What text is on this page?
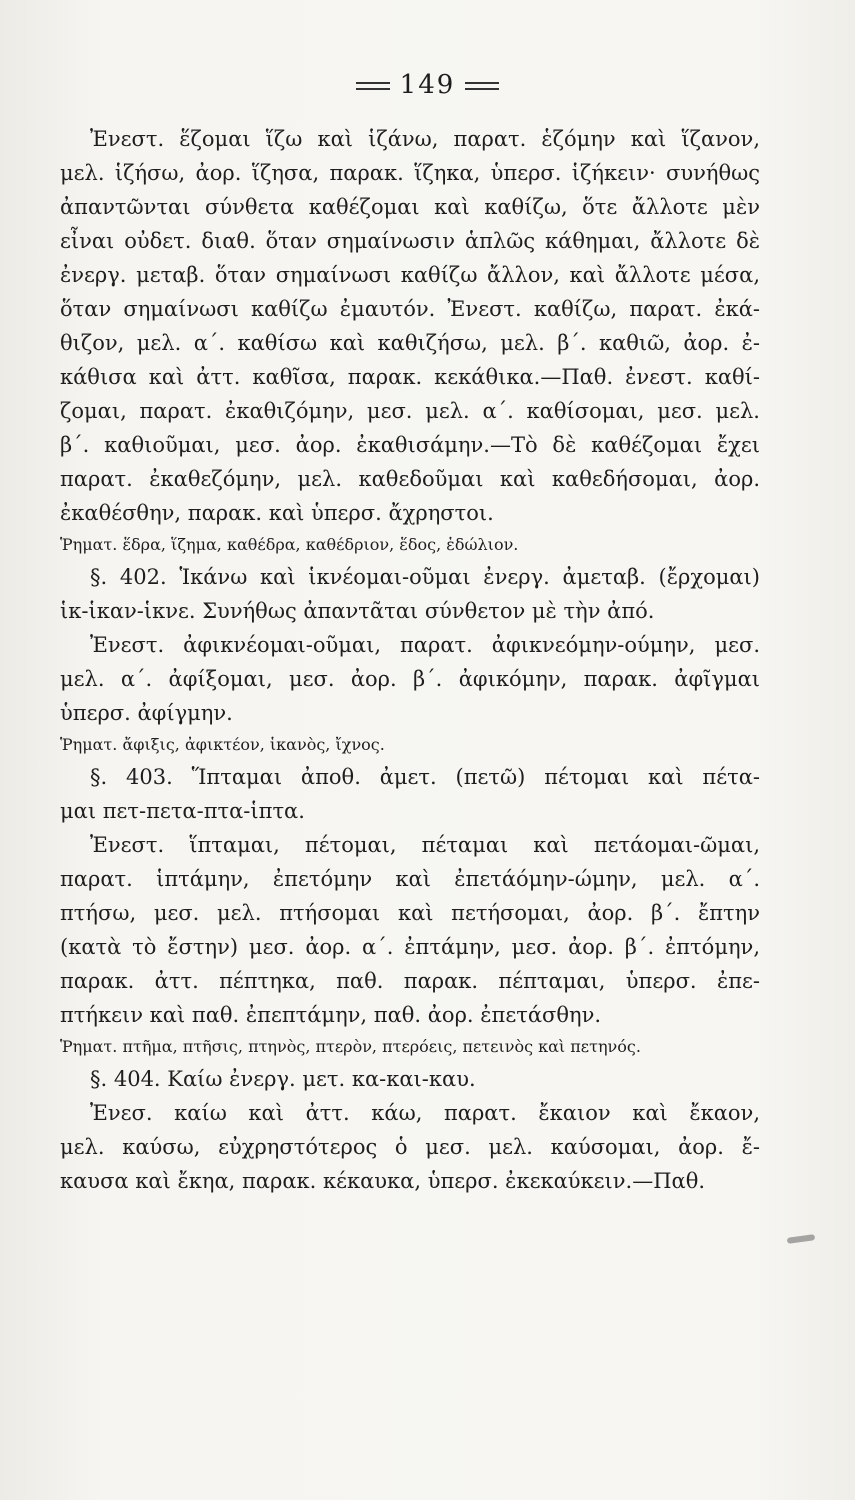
149
Ἐνεστ. ἕζομαι ἵζω καὶ ἱζάνω, παρατ. ἑζόμην καὶ ἵζανον,
μελ. ἱζήσω, ἀορ. ἵζησα, παρακ. ἵζηκα, ὑπερσ. ἱζήκειν· συνήθως
ἀπαντῶνται σύνθετα καθέζομαι καὶ καθίζω, ὅτε ἄλλοτε μὲν
εἶναι οὐδετ. διαθ. ὅταν σημαίνωσιν ἁπλῶς κάθημαι, ἄλλοτε δὲ
ἐνεργ. μεταβ. ὅταν σημαίνωσι καθίζω ἄλλον, καὶ ἄλλοτε μέσα,
ὅταν σημαίνωσι καθίζω ἐμαυτόν. Ἐνεστ. καθίζω, παρατ. ἐκά-
θιζον, μελ. α΄. καθίσω καὶ καθιζήσω, μελ. β΄. καθιῶ, ἀορ. ἐ-
κάθισα καὶ ἀττ. καθῖσα, παρακ. κεκάθικα.—Παθ. ἐνεστ. καθί-
ζομαι, παρατ. ἐκαθιζόμην, μεσ. μελ. α΄. καθίσομαι, μεσ. μελ.
β΄. καθιοῦμαι, μεσ. ἀορ. ἐκαθισάμην.—Τὸ δὲ καθέζομαι ἔχει
παρατ. ἐκαθεζόμην, μελ. καθεδοῦμαι καὶ καθεδήσομαι, ἀορ.
ἐκαθέσθην, παρακ. καὶ ὑπερσ. ἄχρηστοι.
Ῥηματ. ἕδρα, ἵζημα, καθέδρα, καθέδριον, ἕδος, ἑδώλιον.
§. 402. Ἱκάνω καὶ ἱκνέομαι-οῦμαι ἐνεργ. ἀμεταβ. (ἔρχομαι)
ἱκ-ἱκαν-ἱκνε. Συνήθως ἀπαντᾶται σύνθετον μὲ τὴν ἀπό.
Ἐνεστ. ἀφικνέομαι-οῦμαι, παρατ. ἀφικνεόμην-ούμην, μεσ.
μελ. α΄. ἀφίξομαι, μεσ. ἀορ. β΄. ἀφικόμην, παρακ. ἀφῖγμαι
ὑπερσ. ἀφίγμην.
Ῥηματ. ἄφιξις, ἀφικτέον, ἱκανὸς, ἴχνος.
§. 403. Ἵπταμαι ἀποθ. ἀμετ. (πετῶ) πέτομαι καὶ πέτα-
μαι πετ-πετα-πτα-ἱπτα.
Ἐνεστ. ἵπταμαι, πέτομαι, πέταμαι καὶ πετάομαι-ῶμαι,
παρατ. ἱπτάμην, ἐπετόμην καὶ ἐπετάόμην-ώμην, μελ. α΄.
πτήσω, μεσ. μελ. πτήσομαι καὶ πετήσομαι, ἀορ. β΄. ἔπτην
(κατὰ τὸ ἔστην) μεσ. ἀορ. α΄. ἐπτάμην, μεσ. ἀορ. β΄. ἐπτόμην,
παρακ. ἀττ. πέπτηκα, παθ. παρακ. πέπταμαι, ὑπερσ. ἐπε-
πτήκειν καὶ παθ. ἐπεπτάμην, παθ. ἀορ. ἐπετάσθην.
Ῥηματ. πτῆμα, πτῆσις, πτηνὸς, πτερὸν, πτερόεις, πετεινὸς καὶ πετηνός.
§. 404. Καίω ἐνεργ. μετ. κα-και-καυ.
Ἐνεσ. καίω καὶ ἀττ. κάω, παρατ. ἔκαιον καὶ ἔκαον,
μελ. καύσω, εὐχρηστότερος ὁ μεσ. μελ. καύσομαι, ἀορ. ἔ-
καυσα καὶ ἔκηα, παρακ. κέκαυκα, ὑπερσ. ἐκεκαύκειν.—Παθ.
